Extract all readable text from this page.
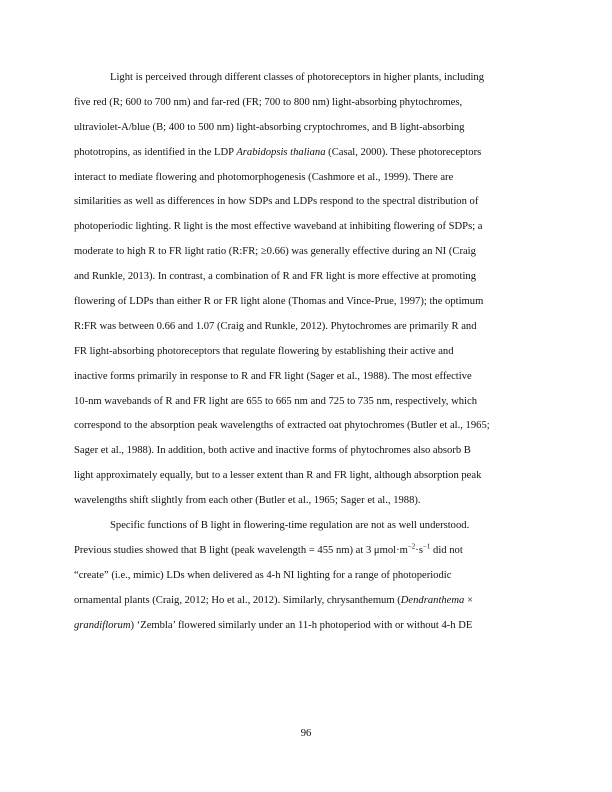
Light is perceived through different classes of photoreceptors in higher plants, including
five red (R; 600 to 700 nm) and far-red (FR; 700 to 800 nm) light-absorbing phytochromes,
ultraviolet-A/blue (B; 400 to 500 nm) light-absorbing cryptochromes, and B light-absorbing
phototropins, as identified in the LDP Arabidopsis thaliana (Casal, 2000). These photoreceptors
interact to mediate flowering and photomorphogenesis (Cashmore et al., 1999). There are
similarities as well as differences in how SDPs and LDPs respond to the spectral distribution of
photoperiodic lighting. R light is the most effective waveband at inhibiting flowering of SDPs; a
moderate to high R to FR light ratio (R:FR; ≥0.66) was generally effective during an NI (Craig
and Runkle, 2013). In contrast, a combination of R and FR light is more effective at promoting
flowering of LDPs than either R or FR light alone (Thomas and Vince-Prue, 1997); the optimum
R:FR was between 0.66 and 1.07 (Craig and Runkle, 2012). Phytochromes are primarily R and
FR light-absorbing photoreceptors that regulate flowering by establishing their active and
inactive forms primarily in response to R and FR light (Sager et al., 1988). The most effective
10-nm wavebands of R and FR light are 655 to 665 nm and 725 to 735 nm, respectively, which
correspond to the absorption peak wavelengths of extracted oat phytochromes (Butler et al., 1965;
Sager et al., 1988). In addition, both active and inactive forms of phytochromes also absorb B
light approximately equally, but to a lesser extent than R and FR light, although absorption peak
wavelengths shift slightly from each other (Butler et al., 1965; Sager et al., 1988).
Specific functions of B light in flowering-time regulation are not as well understood.
Previous studies showed that B light (peak wavelength = 455 nm) at 3 $\mu mol\cdot m^{-2}\cdot s^{-1}$ did not
“create” (i.e., mimic) LDs when delivered as 4-h NI lighting for a range of photoperiodic
ornamental plants (Craig, 2012; Ho et al., 2012). Similarly, chrysanthemum (Dendranthema ×
grandiflorum) ‘Zembla’ flowered similarly under an 11-h photoperiod with or without 4-h DE
96
